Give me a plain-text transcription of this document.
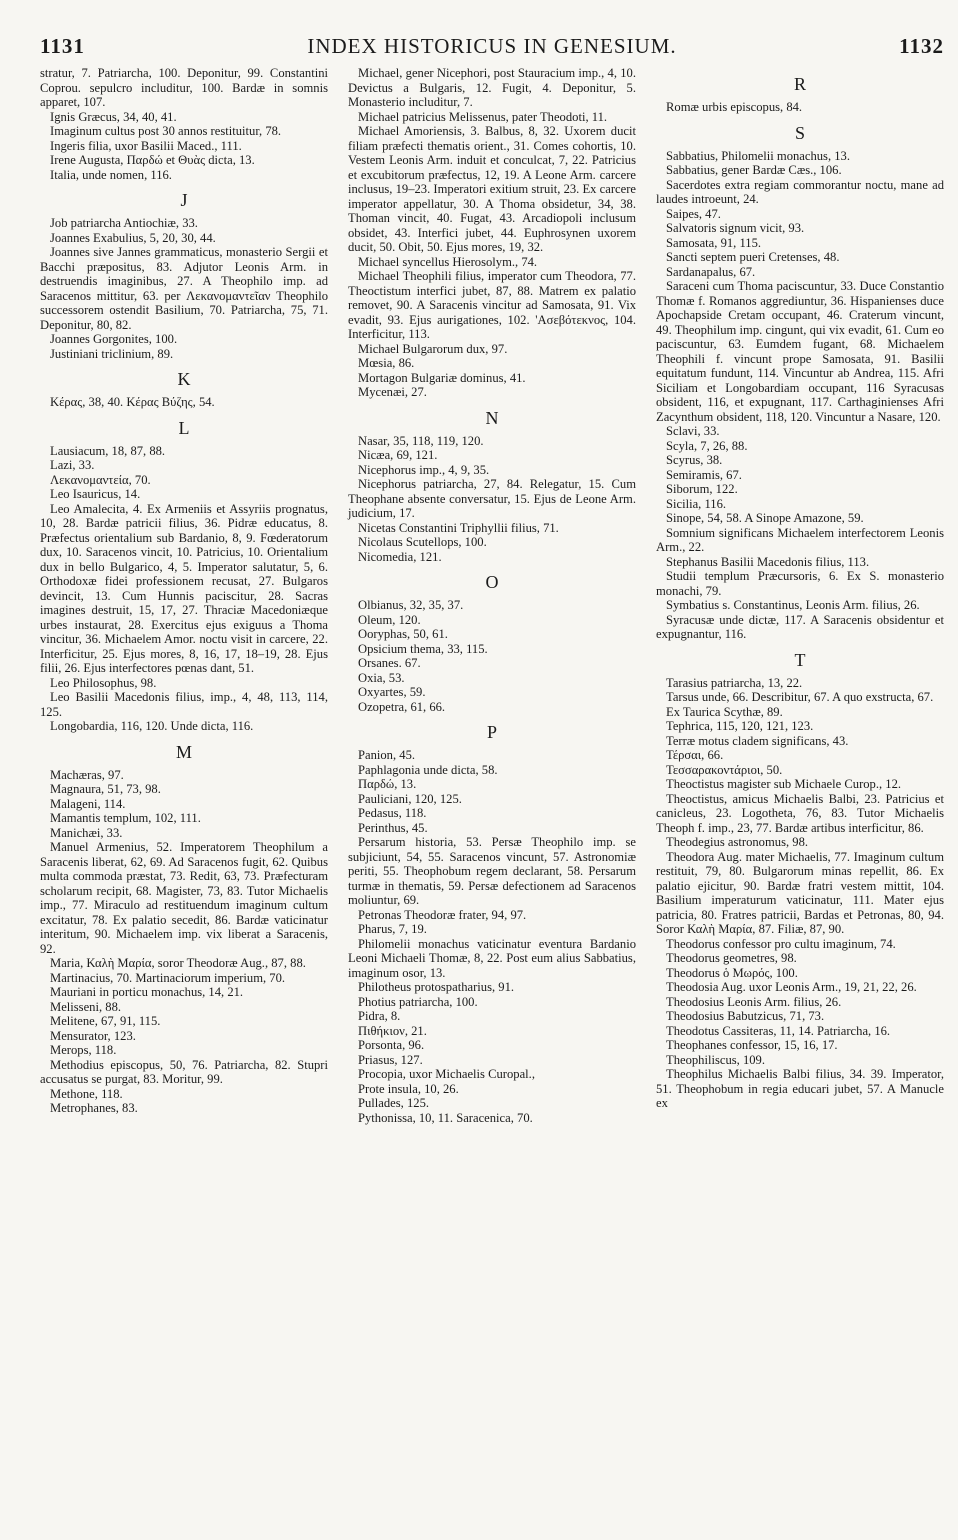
1131	INDEX HISTORICUS IN GENESIUM.	1132
stratur, 7. Patriarcha, 100. Deponitur, 99. Constantini Coprou. sepulcro includitur, 100. Bardæ in somnis apparet, 107.
Ignis Græcus, 34, 40, 41.
Imaginum cultus post 30 annos restituitur, 78.
Ingeris filia, uxor Basilii Maced., 111.
Irene Augusta, Παρδώ et Θυὰς dicta, 13.
Italia, unde nomen, 116.
J
Job patriarcha Antiochiæ, 33.
Joannes Exabulius, 5, 20, 30, 44.
Joannes sive Jannes grammaticus, monasterio Sergii et Bacchi præpositus, 83. Adjutor Leonis Arm. in destruendis imaginibus, 27. A Theophilo imp. ad Saracenos mittitur, 63. per Λεκανομαντεῖαν Theophilo successorem ostendit Basilium, 70. Patriarcha, 75, 71. Deponitur, 80, 82.
Joannes Gorgonites, 100.
Justiniani triclinium, 89.
K
Κέρας, 38, 40. Κέρας Βύζης, 54.
L
Lausiacum, 18, 87, 88.
Lazi, 33.
Λεκανομαντεία, 70.
Leo Isauricus, 14.
Leo Amalecita, 4. Ex Armeniis et Assyriis prognatus, 10, 28. Bardæ patricii filius, 36. Pidræ educatus, 8. Præfectus orientalium sub Bardanio, 8, 9. Fœderatorum dux, 10. Saracenos vincit, 10. Patricius, 10. Orientalium dux in bello Bulgarico, 4, 5. Imperator salutatur, 5, 6. Orthodoxæ fidei professionem recusat, 27. Bulgaros devincit, 13. Cum Hunnis paciscitur, 28. Sacras imagines destruit, 15, 17, 27. Thraciæ Macedoniæque urbes instaurat, 28. Exercitus ejus exiguus a Thoma vincitur, 36. Michaelem Amor. noctu visit in carcere, 22. Interficitur, 25. Ejus mores, 8, 16, 17, 18–19, 28. Ejus filii, 26. Ejus interfectores pœnas dant, 51.
Leo Philosophus, 98.
Leo Basilii Macedonis filius, imp., 4, 48, 113, 114, 125.
Longobardia, 116, 120. Unde dicta, 116.
M
Machæras, 97.
Magnaura, 51, 73, 98.
Malageni, 114.
Mamantis templum, 102, 111.
Manichæi, 33.
Manuel Armenius, 52. Imperatorem Theophilum a Saracenis liberat, 62, 69. Ad Saracenos fugit, 62. Quibus multa commoda præstat, 73. Redit, 63, 73. Præfecturam scholarum recipit, 68. Magister, 73, 83. Tutor Michaelis imp., 77. Miraculo ad restituendum imaginum cultum excitatur, 78. Ex palatio secedit, 86. Bardæ vaticinatur interitum, 90. Michaelem imp. vix liberat a Saracenis, 92.
Maria, Καλὴ Μαρία, soror Theodoræ Aug., 87, 88.
Martinacius, 70. Martinaciorum imperium, 70.
Mauriani in porticu monachus, 14, 21.
Melisseni, 88.
Melitene, 67, 91, 115.
Mensurator, 123.
Merops, 118.
Methodius episcopus, 50, 76. Patriarcha, 82. Stupri accusatus se purgat, 83. Moritur, 99.
Methone, 118.
Metrophanes, 83.
Michael, gener Nicephori, post Stauracium imp., 4, 10. Devictus a Bulgaris, 12. Fugit, 4. Deponitur, 5. Monasterio includitur, 7.
Michael patricius Melissenus, pater Theodoti, 11.
Michael Amoriensis, 3. Balbus, 8, 32. Uxorem ducit filiam præfecti thematis orient., 31. Comes cohortis, 10. Vestem Leonis Arm. induit et conculcat, 7, 22. Patricius et excubitorum præfectus, 12, 19. A Leone Arm. carcere inclusus, 19–23. Imperatori exitium struit, 23. Ex carcere imperator appellatur, 30. A Thoma obsidetur, 34, 38. Thoman vincit, 40. Fugat, 43. Arcadiopoli inclusum obsidet, 43. Interfici jubet, 44. Euphrosynen uxorem ducit, 50. Obit, 50. Ejus mores, 19, 32.
Michael syncellus Hierosolym., 74.
Michael Theophili filius, imperator cum Theodora, 77. Theoctistum interfici jubet, 87, 88. Matrem ex palatio removet, 90. A Saracenis vincitur ad Samosata, 91. Vix evadit, 93. Ejus aurigationes, 102. 'Ασεβότεκνος, 104. Interficitur, 113.
Michael Bulgarorum dux, 97.
Mœsia, 86.
Mortagon Bulgariæ dominus, 41.
Mycenæi, 27.
N
Nasar, 35, 118, 119, 120.
Nicæa, 69, 121.
Nicephorus imp., 4, 9, 35.
Nicephorus patriarcha, 27, 84. Relegatur, 15. Cum Theophane absente conversatur, 15. Ejus de Leone Arm. judicium, 17.
Nicetas Constantini Triphyllii filius, 71.
Nicolaus Scutellops, 100.
Nicomedia, 121.
O
Olbianus, 32, 35, 37.
Oleum, 120.
Ooryphas, 50, 61.
Opsicium thema, 33, 115.
Orsanes. 67.
Oxia, 53.
Oxyartes, 59.
Ozopetra, 61, 66.
P
Panion, 45.
Paphlagonia unde dicta, 58.
Παρδώ, 13.
Pauliciani, 120, 125.
Pedasus, 118.
Perinthus, 45.
Persarum historia, 53. Persæ Theophilo imp. se subjiciunt, 54, 55. Saracenos vincunt, 57. Astronomiæ periti, 55. Theophobum regem declarant, 58. Persarum turmæ in thematis, 59. Persæ defectionem ad Saracenos moliuntur, 69.
Petronas Theodoræ frater, 94, 97.
Pharus, 7, 19.
Philomelii monachus vaticinatur eventura Bardanio Leoni Michaeli Thomæ, 8, 22. Post eum alius Sabbatius, imaginum osor, 13.
Philotheus protospatharius, 91.
Photius patriarcha, 100.
Pidra, 8.
Πιθήκιον, 21.
Porsonta, 96.
Priasus, 127.
Procopia, uxor Michaelis Curopal.,
Prote insula, 10, 26.
Pullades, 125.
Pythonissa, 10, 11. Saracenica, 70.
R
Romæ urbis episcopus, 84.
S
Sabbatius, Philomelii monachus, 13.
Sabbatius, gener Bardæ Cæs., 106.
Sacerdotes extra regiam commorantur noctu, mane ad laudes introeunt, 24.
Saipes, 47.
Salvatoris signum vicit, 93.
Samosata, 91, 115.
Sancti septem pueri Cretenses, 48.
Sardanapalus, 67.
Saraceni cum Thoma paciscuntur, 33. Duce Constantio Thomæ f. Romanos aggrediuntur, 36. Hispanienses duce Apochapside Cretam occupant, 46. Craterum vincunt, 49. Theophilum imp. cingunt, qui vix evadit, 61. Cum eo paciscuntur, 63. Eumdem fugant, 68. Michaelem Theophili f. vincunt prope Samosata, 91. Basilii equitatum fundunt, 114. Vincuntur ab Andrea, 115. Afri Siciliam et Longobardiam occupant, 116 Syracusas obsident, 116, et expugnant, 117. Carthaginienses Afri Zacynthum obsident, 118, 120. Vincuntur a Nasare, 120.
Sclavi, 33.
Scyla, 7, 26, 88.
Scyrus, 38.
Semiramis, 67.
Siborum, 122.
Sicilia, 116.
Sinope, 54, 58. A Sinope Amazone, 59.
Somnium significans Michaelem interfectorem Leonis Arm., 22.
Stephanus Basilii Macedonis filius, 113.
Studii templum Præcursoris, 6. Ex S. monasterio monachi, 79.
Symbatius s. Constantinus, Leonis Arm. filius, 26.
Syracusæ unde dictæ, 117. A Saracenis obsidentur et expugnantur, 116.
T
Tarasius patriarcha, 13, 22.
Tarsus unde, 66. Describitur, 67. A quo exstructa, 67.
Ex Taurica Scythæ, 89.
Tephrica, 115, 120, 121, 123.
Terræ motus cladem significans, 43.
Τέρσαι, 66.
Τεσσαρακοντάριοι, 50.
Theoctistus magister sub Michaele Curop., 12.
Theoctistus, amicus Michaelis Balbi, 23. Patricius et canicleus, 23. Logotheta, 76, 83. Tutor Michaelis Theoph f. imp., 23, 77. Bardæ artibus interficitur, 86.
Theodegius astronomus, 98.
Theodora Aug. mater Michaelis, 77. Imaginum cultum restituit, 79, 80. Bulgarorum minas repellit, 86. Ex palatio ejicitur, 90. Bardæ fratri vestem mittit, 104. Basilium imperaturum vaticinatur, 111. Mater ejus patricia, 80. Fratres patricii, Bardas et Petronas, 80, 94. Soror Καλὴ Μαρία, 87. Filiæ, 87, 90.
Theodorus confessor pro cultu imaginum, 74.
Theodorus geometres, 98.
Theodorus ὁ Μωρός, 100.
Theodosia Aug. uxor Leonis Arm., 19, 21, 22, 26.
Theodosius Leonis Arm. filius, 26.
Theodosius Babutzicus, 71, 73.
Theodotus Cassiteras, 11, 14. Patriarcha, 16.
Theophanes confessor, 15, 16, 17.
Theophiliscus, 109.
Theophilus Michaelis Balbi filius, 34. 39. Imperator, 51. Theophobum in regia educari jubet, 57. A Manucle ex
